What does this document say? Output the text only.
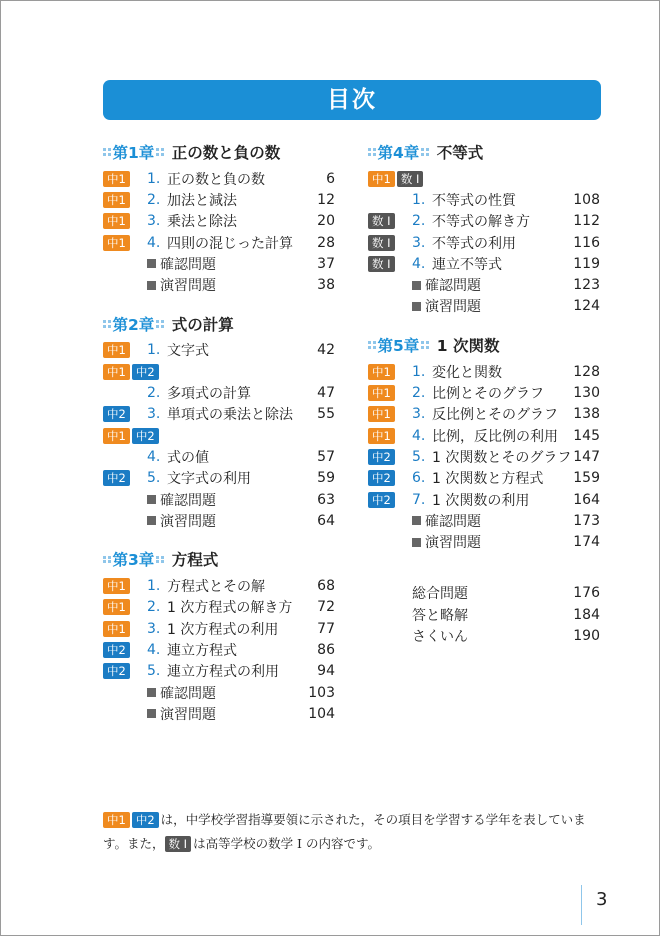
目次
第1章 正の数と負の数
中1 1. 正の数と負の数	6
中1 2. 加法と減法	12
中1 3. 乗法と除法	20
中1 4. 四則の混じった計算	28
確認問題	37
演習問題	38
第2章 式の計算
中1 1. 文字式	42
中1 中2
2. 多項式の計算	47
中2 3. 単項式の乗法と除法	55
中1 中2
4. 式の値	57
中2 5. 文字式の利用	59
確認問題	63
演習問題	64
第3章 方程式
中1 1. 方程式とその解	68
中1 2. 1 次方程式の解き方	72
中1 3. 1 次方程式の利用	77
中2 4. 連立方程式	86
中2 5. 連立方程式の利用	94
確認問題	103
演習問題	104
第4章 不等式
中1 数 I
1. 不等式の性質	108
数 I 2. 不等式の解き方	112
数 I 3. 不等式の利用	116
数 I 4. 連立不等式	119
確認問題	123
演習問題	124
第5章 1 次関数
中1 1. 変化と関数	128
中1 2. 比例とそのグラフ	130
中1 3. 反比例とそのグラフ	138
中1 4. 比例，反比例の利用	145
中2 5. 1 次関数とそのグラフ 147
中2 6. 1 次関数と方程式	159
中2 7. 1 次関数の利用	164
確認問題	173
演習問題	174
総合問題	176
答と略解	184
さくいん	190
中1 中2 は，中学校学習指導要領に示された，その項目を学習する学年を表しています。また， 数 I は高等学校の数学 I の内容です。
3
